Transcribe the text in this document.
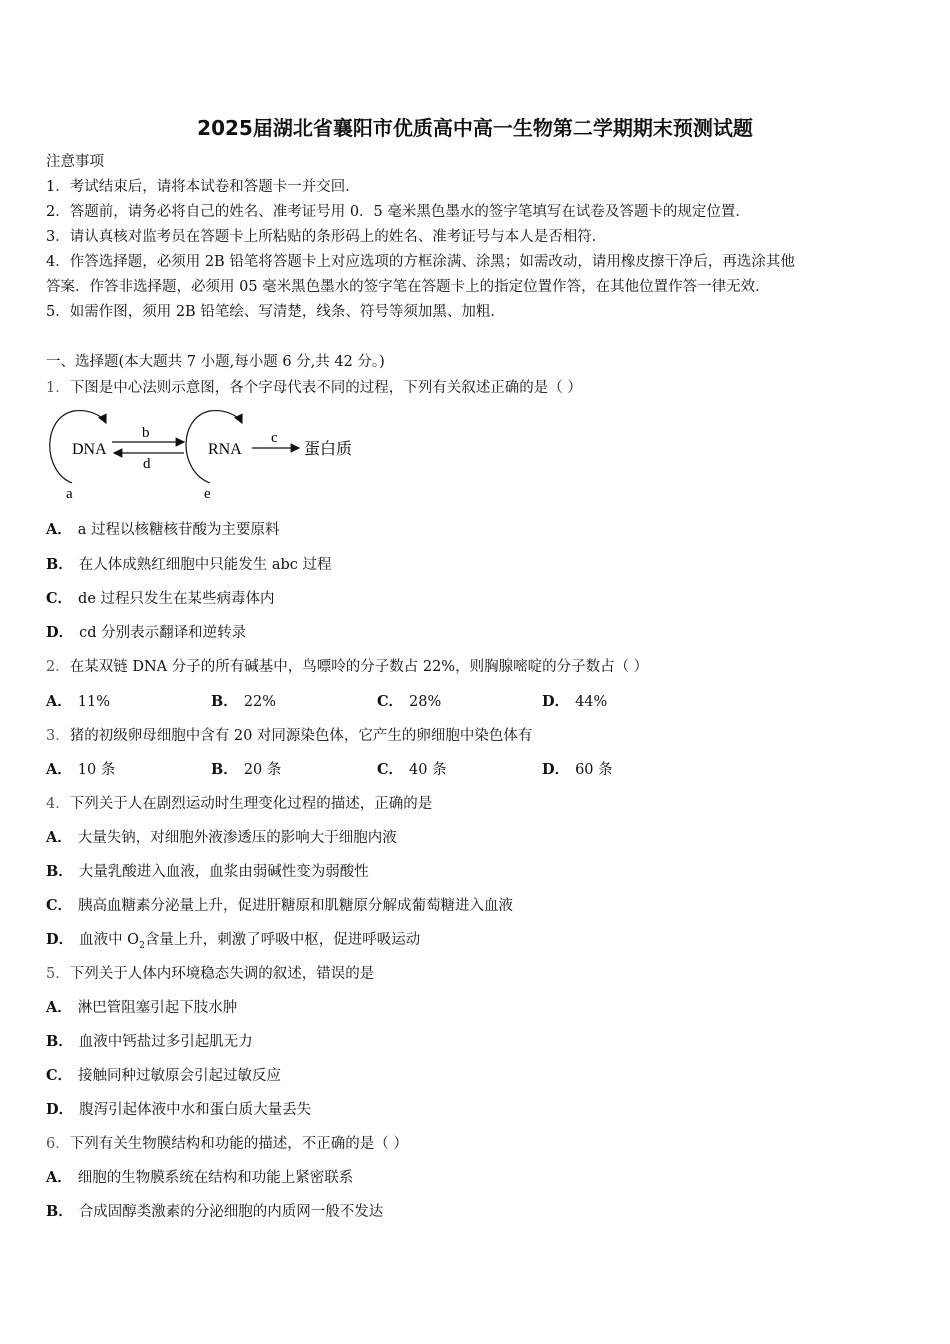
2025届湖北省襄阳市优质高中高一生物第二学期期末预测试题
注意事项
1．考试结束后，请将本试卷和答题卡一并交回．
2．答题前，请务必将自己的姓名、准考证号用 0．5 毫米黑色墨水的签字笔填写在试卷及答题卡的规定位置．
3．请认真核对监考员在答题卡上所粘贴的条形码上的姓名、准考证号与本人是否相符．
4．作答选择题，必须用 2B 铅笔将答题卡上对应选项的方框涂满、涂黑；如需改动，请用橡皮擦干净后，再选涂其他
答案．作答非选择题，必须用 05 毫米黑色墨水的签字笔在答题卡上的指定位置作答，在其他位置作答一律无效．
5．如需作图，须用 2B 铅笔绘、写清楚，线条、符号等须加黑、加粗．
一、选择题(本大题共 7 小题,每小题 6 分,共 42 分。)
1．下图是中心法则示意图，各个字母代表不同的过程，下列有关叙述正确的是（ ）
DNA	RNA	蛋白质
b
d
c
a	e
A． a 过程以核糖核苷酸为主要原料
B． 在人体成熟红细胞中只能发生 abc 过程
C． de 过程只发生在某些病毒体内
D． cd 分别表示翻译和逆转录
2．在某双链 DNA 分子的所有碱基中，鸟嘌呤的分子数占 22%，则胸腺嘧啶的分子数占（ ）
A． 11%	B． 22%	C． 28%	D． 44%
3．猪的初级卵母细胞中含有 20 对同源染色体，它产生的卵细胞中染色体有
A． 10 条	B． 20 条	C． 40 条	D． 60 条
4．下列关于人在剧烈运动时生理变化过程的描述，正确的是
A． 大量失钠，对细胞外液渗透压的影响大于细胞内液
B． 大量乳酸进入血液，血浆由弱碱性变为弱酸性
C． 胰高血糖素分泌量上升，促进肝糖原和肌糖原分解成葡萄糖进入血液
D． 血液中 $O_2$含量上升，刺激了呼吸中枢，促进呼吸运动
5．下列关于人体内环境稳态失调的叙述，错误的是
A． 淋巴管阻塞引起下肢水肿
B． 血液中钙盐过多引起肌无力
C． 接触同种过敏原会引起过敏反应
D． 腹泻引起体液中水和蛋白质大量丢失
6．下列有关生物膜结构和功能的描述，不正确的是（ ）
A． 细胞的生物膜系统在结构和功能上紧密联系
B． 合成固醇类激素的分泌细胞的内质网一般不发达
